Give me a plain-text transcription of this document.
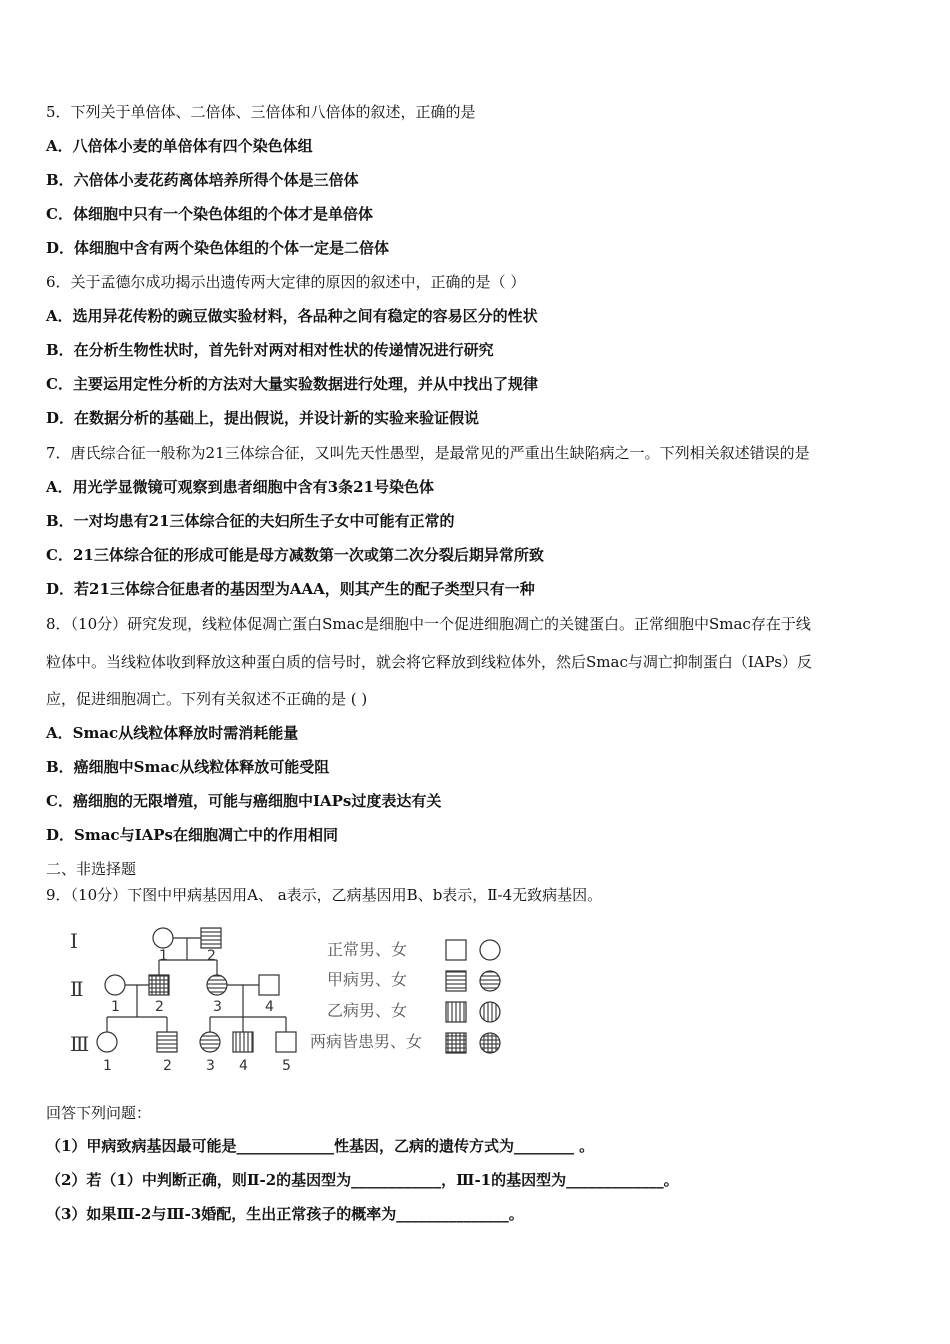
5．下列关于单倍体、二倍体、三倍体和八倍体的叙述，正确的是
A．八倍体小麦的单倍体有四个染色体组
B．六倍体小麦花药离体培养所得个体是三倍体
C．体细胞中只有一个染色体组的个体才是单倍体
D．体细胞中含有两个染色体组的个体一定是二倍体
6．关于孟德尔成功揭示出遗传两大定律的原因的叙述中，正确的是（ ）
A．选用异花传粉的豌豆做实验材料，各品种之间有稳定的容易区分的性状
B．在分析生物性状时，首先针对两对相对性状的传递情况进行研究
C．主要运用定性分析的方法对大量实验数据进行处理，并从中找出了规律
D．在数据分析的基础上，提出假说，并设计新的实验来验证假说
7．唐氏综合征一般称为21三体综合征，又叫先天性愚型，是最常见的严重出生缺陷病之一。下列相关叙述错误的是
A．用光学显微镜可观察到患者细胞中含有3条21号染色体
B．一对均患有21三体综合征的夫妇所生子女中可能有正常的
C．21三体综合征的形成可能是母方减数第一次或第二次分裂后期异常所致
D．若21三体综合征患者的基因型为AAA，则其产生的配子类型只有一种
8．（10分）研究发现，线粒体促凋亡蛋白Smac是细胞中一个促进细胞凋亡的关键蛋白。正常细胞中Smac存在于线
粒体中。当线粒体收到释放这种蛋白质的信号时，就会将它释放到线粒体外，然后Smac与凋亡抑制蛋白（IAPs）反
应，促进细胞凋亡。下列有关叙述不正确的是 ( )
A．Smac从线粒体释放时需消耗能量
B．癌细胞中Smac从线粒体释放可能受阻
C．癌细胞的无限增殖，可能与癌细胞中IAPs过度表达有关
D．Smac与IAPs在细胞凋亡中的作用相同
二、非选择题
9．（10分）下图中甲病基因用A、 a表示，乙病基因用B、b表示，Ⅱ-4无致病基因。
Ⅰ
Ⅱ
Ⅲ
1	2
1	2	3	4
1	2 3 4 5
正常男、女
甲病男、女
乙病男、女
两病皆患男、女
回答下列问题：
（1）甲病致病基因最可能是_____________性基因，乙病的遗传方式为________ 。
（2）若（1）中判断正确，则Ⅱ-2的基因型为____________，Ⅲ-1的基因型为_____________。
（3）如果Ⅲ-2与Ⅲ-3婚配，生出正常孩子的概率为_______________。
